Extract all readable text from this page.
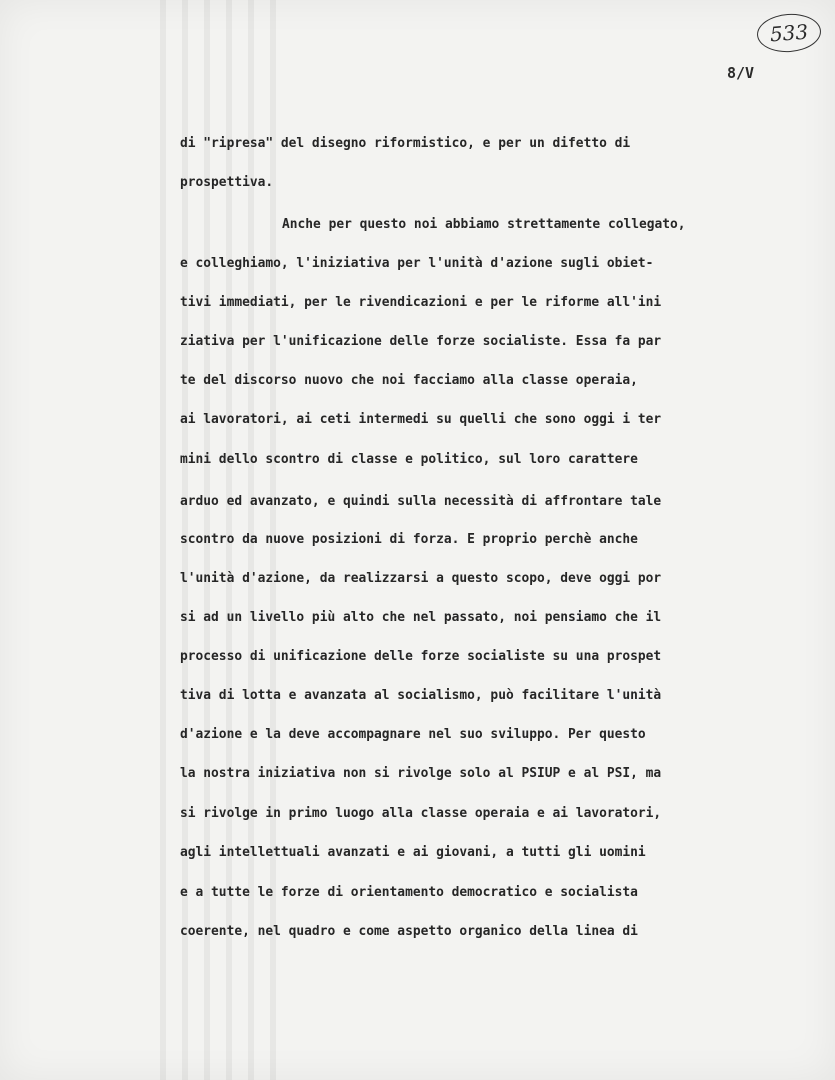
533
8/V
di "ripresa" del disegno riformistico, e per un difetto di
prospettiva.
Anche per questo noi abbiamo strettamente collegato,
e colleghiamo, l'iniziativa per l'unità d'azione sugli obiet-
tivi immediati, per le rivendicazioni e per le riforme all'ini
ziativa per l'unificazione delle forze socialiste. Essa fa par
te del discorso nuovo che noi facciamo alla classe operaia,
ai lavoratori, ai ceti intermedi su quelli che sono oggi i ter
mini dello scontro di classe e politico, sul loro carattere
arduo ed avanzato, e quindi sulla necessità di affrontare tale
scontro da nuove posizioni di forza. E proprio perchè anche
l'unità d'azione, da realizzarsi a questo scopo, deve oggi por
si ad un livello più alto che nel passato, noi pensiamo che il
processo di unificazione delle forze socialiste su una prospet
tiva di lotta e avanzata al socialismo, può facilitare l'unità
d'azione e la deve accompagnare nel suo sviluppo. Per questo
la nostra iniziativa non si rivolge solo al PSIUP e al PSI, ma
si rivolge in primo luogo alla classe operaia e ai lavoratori,
agli intellettuali avanzati e ai giovani, a tutti gli uomini
e a tutte le forze di orientamento democratico e socialista
coerente, nel quadro e come aspetto organico della linea di
